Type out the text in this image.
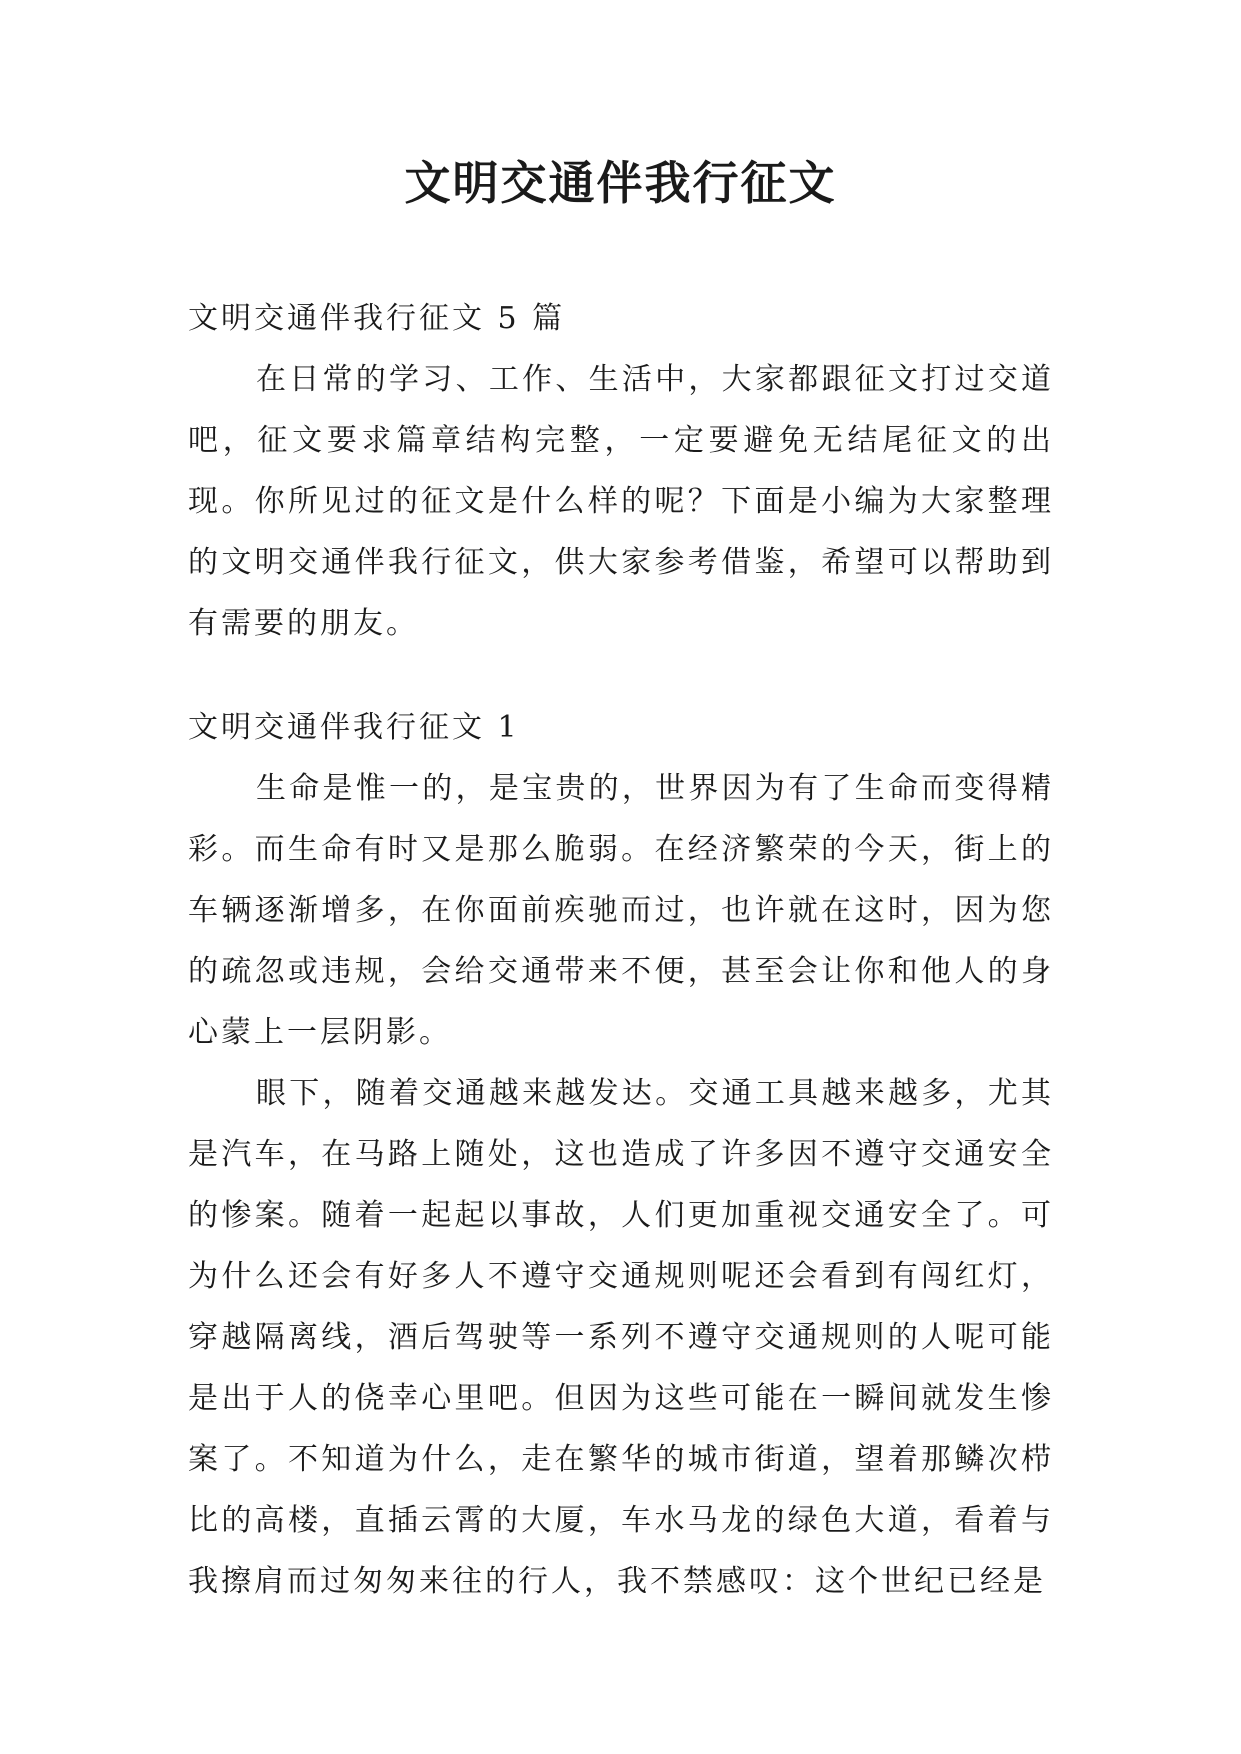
文明交通伴我行征文

文明交通伴我行征文 5 篇

在日常的学习、工作、生活中，大家都跟征文打过交道吧，征文要求篇章结构完整，一定要避免无结尾征文的出现。你所见过的征文是什么样的呢？下面是小编为大家整理的文明交通伴我行征文，供大家参考借鉴，希望可以帮助到有需要的朋友。

文明交通伴我行征文 1

生命是惟一的，是宝贵的，世界因为有了生命而变得精彩。而生命有时又是那么脆弱。在经济繁荣的今天，街上的车辆逐渐增多，在你面前疾驰而过，也许就在这时，因为您的疏忽或违规，会给交通带来不便，甚至会让你和他人的身心蒙上一层阴影。

眼下，随着交通越来越发达。交通工具越来越多，尤其是汽车，在马路上随处，这也造成了许多因不遵守交通安全的惨案。随着一起起以事故，人们更加重视交通安全了。可为什么还会有好多人不遵守交通规则呢还会看到有闯红灯，穿越隔离线，酒后驾驶等一系列不遵守交通规则的人呢可能是出于人的侥幸心里吧。但因为这些可能在一瞬间就发生惨案了。不知道为什么，走在繁华的城市街道，望着那鳞次栉比的高楼，直插云霄的大厦，车水马龙的绿色大道，看着与我擦肩而过匆匆来往的行人，我不禁感叹：这个世纪已经是
